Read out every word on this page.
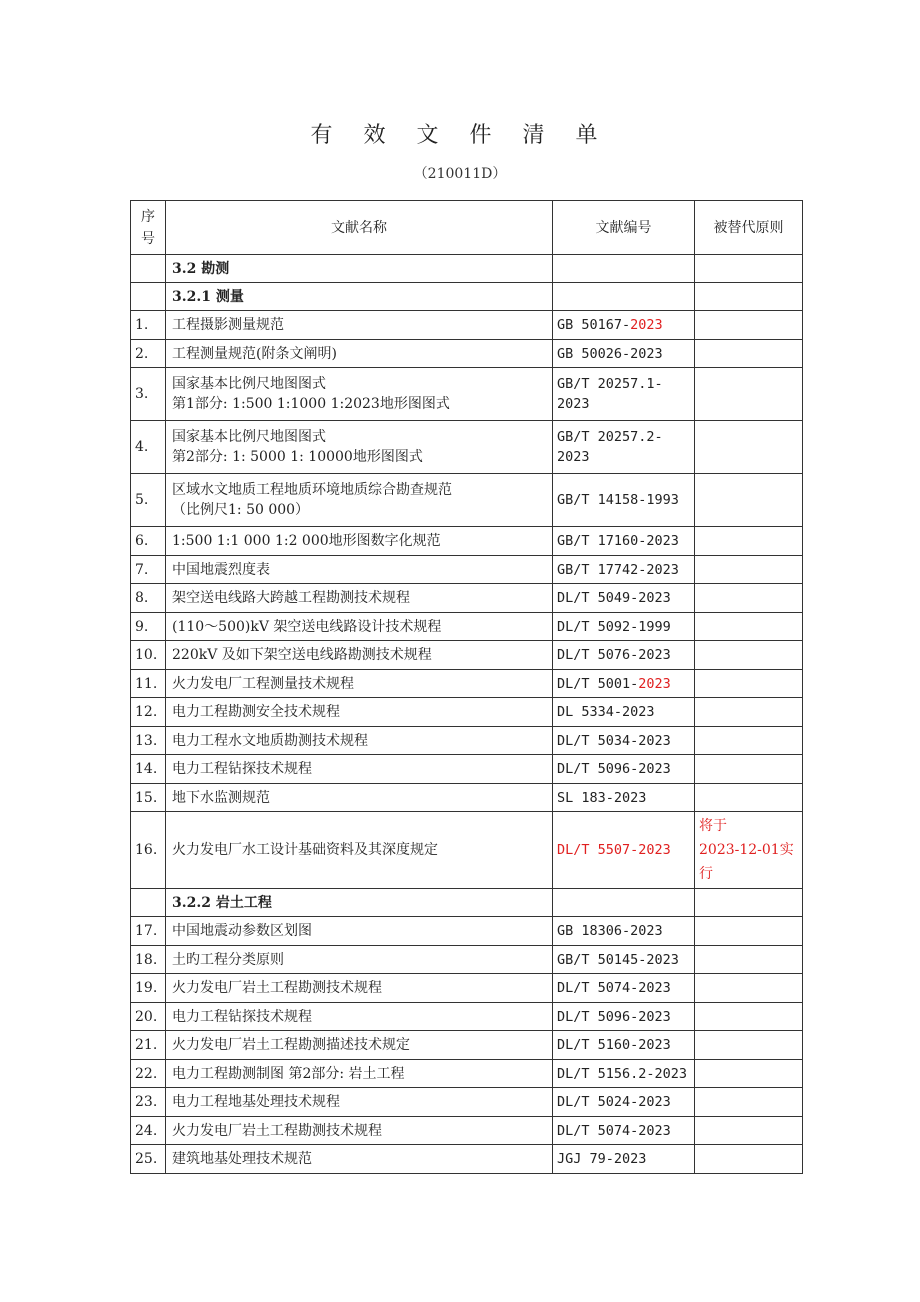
有 效 文 件 清 单
（210011D）
序
号	文献名称	文献编号	被替代原则
	3.2 勘测		
	3.2.1 测量		
1.	工程摄影测量规范	GB 50167-2023	
2.	工程测量规范(附条文阐明)	GB 50026-2023	
3.	国家基本比例尺地图图式
第1部分: 1:500 1:1000 1:2023地形图图式	GB/T 20257.1-2023	
4.	国家基本比例尺地图图式
第2部分: 1: 5000 1: 10000地形图图式	GB/T 20257.2-2023	
5.	区域水文地质工程地质环境地质综合勘查规范
（比例尺1: 50 000）	GB/T 14158-1993	
6.	1:500 1:1 000 1:2 000地形图数字化规范	GB/T 17160-2023	
7.	中国地震烈度表	GB/T 17742-2023	
8.	架空送电线路大跨越工程勘测技术规程	DL/T 5049-2023	
9.	(110～500)kV 架空送电线路设计技术规程	DL/T 5092-1999	
10.	220kV 及如下架空送电线路勘测技术规程	DL/T 5076-2023	
11.	火力发电厂工程测量技术规程	DL/T 5001-2023	
12.	电力工程勘测安全技术规程	DL 5334-2023	
13.	电力工程水文地质勘测技术规程	DL/T 5034-2023	
14.	电力工程钻探技术规程	DL/T 5096-2023	
15.	地下水监测规范	SL 183-2023	
16.	火力发电厂水工设计基础资料及其深度规定	DL/T 5507-2023	将于
2023-12-01实
行
	3.2.2 岩土工程		
17.	中国地震动参数区划图	GB 18306-2023	
18.	土旳工程分类原则	GB/T 50145-2023	
19.	火力发电厂岩土工程勘测技术规程	DL/T 5074-2023	
20.	电力工程钻探技术规程	DL/T 5096-2023	
21.	火力发电厂岩土工程勘测描述技术规定	DL/T 5160-2023	
22.	电力工程勘测制图 第2部分: 岩土工程	DL/T 5156.2-2023	
23.	电力工程地基处理技术规程	DL/T 5024-2023	
24.	火力发电厂岩土工程勘测技术规程	DL/T 5074-2023	
25.	建筑地基处理技术规范	JGJ 79-2023	
